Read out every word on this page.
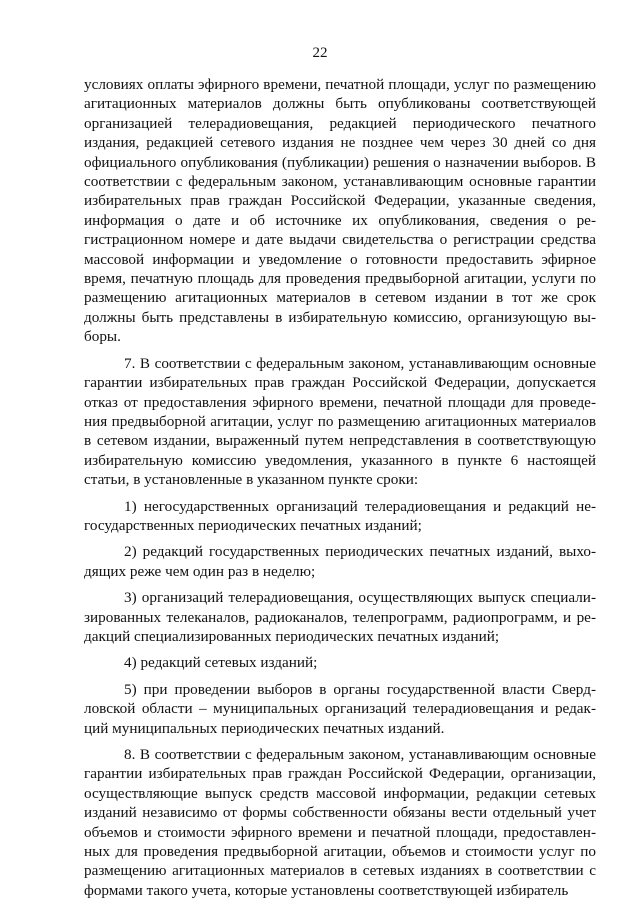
22

условиях оплаты эфирного времени, печатной площади, услуг по размещению агитационных материалов должны быть опубликованы соответствующей организацией телерадиовещания, редакцией периодического печатного издания, редакцией сетевого издания не позднее чем через 30 дней со дня официального опубликования (публикации) решения о назначении выборов. В соответствии с федеральным законом, устанавливающим основные гарантии избирательных прав граждан Российской Федерации, указанные сведения, информация о дате и об источнике их опубликования, сведения о регистрационном номере и дате выдачи свидетельства о регистрации средства массовой информации и уведомление о готовности предоставить эфирное время, печатную площадь для проведения предвыборной агитации, услуги по размещению агитационных материалов в сетевом издании в тот же срок должны быть представлены в избирательную комиссию, организующую выборы.

7. В соответствии с федеральным законом, устанавливающим основные гарантии избирательных прав граждан Российской Федерации, допускается отказ от предоставления эфирного времени, печатной площади для проведения предвыборной агитации, услуг по размещению агитационных материалов в сетевом издании, выраженный путем непредставления в соответствующую избирательную комиссию уведомления, указанного в пункте 6 настоящей статьи, в установленные в указанном пункте сроки:

1) негосударственных организаций телерадиовещания и редакций негосударственных периодических печатных изданий;

2) редакций государственных периодических печатных изданий, выходящих реже чем один раз в неделю;

3) организаций телерадиовещания, осуществляющих выпуск специализированных телеканалов, радиоканалов, телепрограмм, радиопрограмм, и редакций специализированных периодических печатных изданий;

4) редакций сетевых изданий;

5) при проведении выборов в органы государственной власти Свердловской области – муниципальных организаций телерадиовещания и редакций муниципальных периодических печатных изданий.

8. В соответствии с федеральным законом, устанавливающим основные гарантии избирательных прав граждан Российской Федерации, организации, осуществляющие выпуск средств массовой информации, редакции сетевых изданий независимо от формы собственности обязаны вести отдельный учет объемов и стоимости эфирного времени и печатной площади, предоставленных для проведения предвыборной агитации, объемов и стоимости услуг по размещению агитационных материалов в сетевых изданиях в соответствии с формами такого учета, которые установлены соответствующей избиратель
